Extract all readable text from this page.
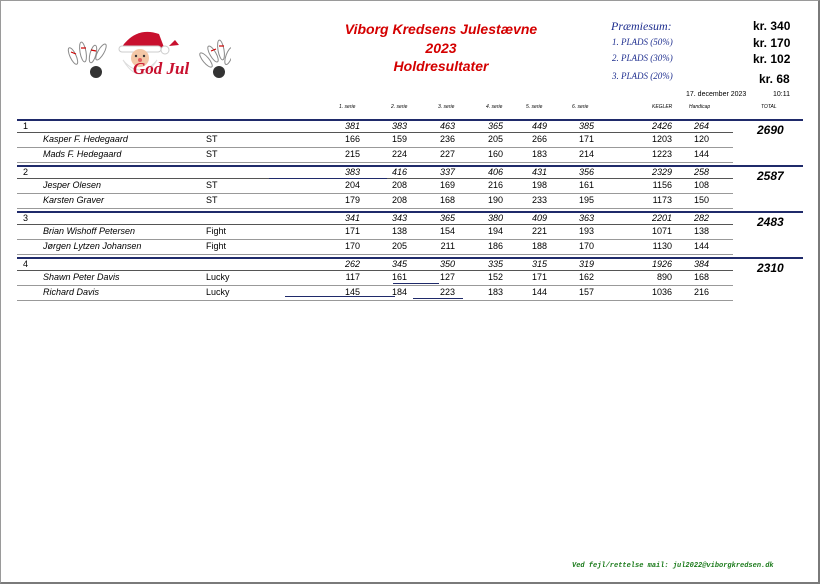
God Jul
Viborg Kredsens Julestævne
2023
Holdresultater
Præmiesum:	kr. 340
1. PLADS (50%)	kr. 170
2. PLADS (30%)	kr. 102
3. PLADS (20%)	kr. 68
17. december 2023	10:11
1. serie	2. serie	3. serie	4. serie	5. serie	6. serie	KEGLER	Handicap	TOTAL
1	381	383	463	365	449	385	2426	264	2690
Kasper F. Hedegaard	ST	166	159	236	205	266	171	1203	120
Mads F. Hedegaard	ST	215	224	227	160	183	214	1223	144
2	383	416	337	406	431	356	2329	258	2587
Jesper Olesen	ST	204	208	169	216	198	161	1156	108
Karsten Graver	ST	179	208	168	190	233	195	1173	150
3	341	343	365	380	409	363	2201	282	2483
Brian Wishoff Petersen	Fight	171	138	154	194	221	193	1071	138
Jørgen Lytzen Johansen	Fight	170	205	211	186	188	170	1130	144
4	262	345	350	335	315	319	1926	384	2310
Shawn Peter Davis	Lucky	117	161	127	152	171	162	890	168
Richard Davis	Lucky	145	184	223	183	144	157	1036	216
Ved fejl/rettelse mail: jul2022@viborgkredsen.dk
